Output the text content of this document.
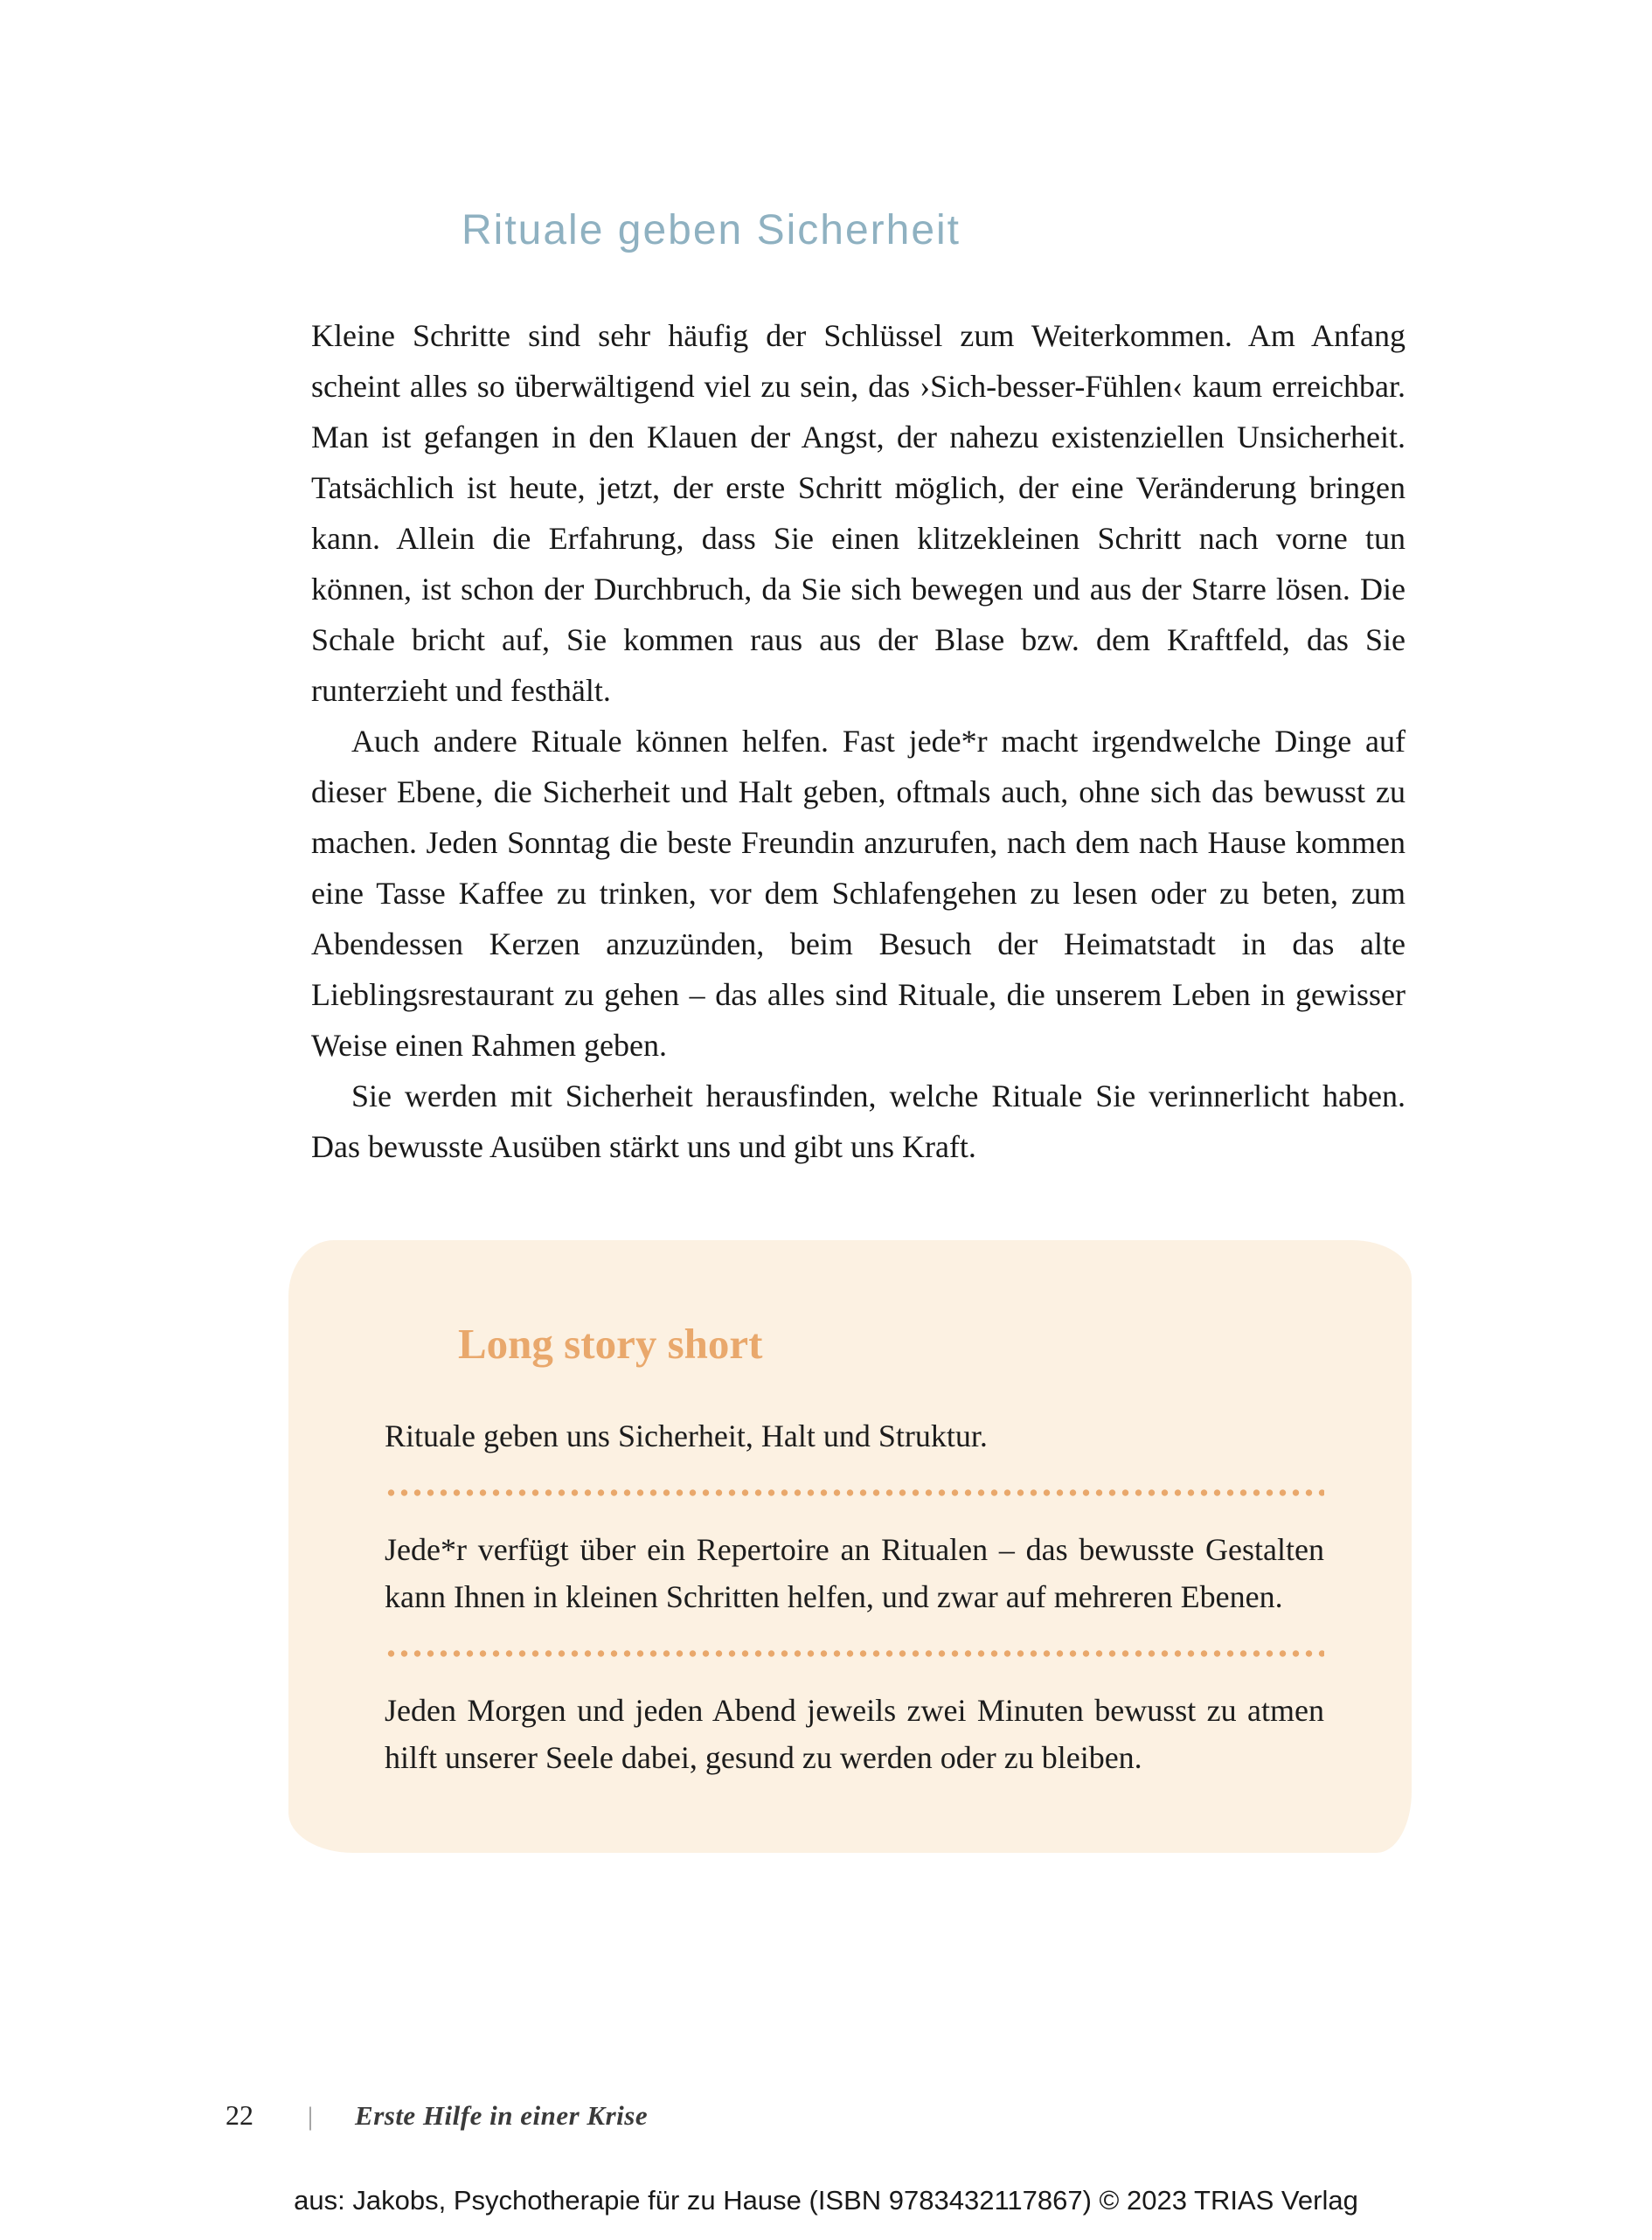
Rituale geben Sicherheit

Kleine Schritte sind sehr häufig der Schlüssel zum Weiterkommen. Am Anfang scheint alles so überwältigend viel zu sein, das ›Sich-besser-Fühlen‹ kaum erreichbar. Man ist gefangen in den Klauen der Angst, der nahezu existenziellen Unsicherheit. Tatsächlich ist heute, jetzt, der erste Schritt möglich, der eine Veränderung bringen kann. Allein die Erfahrung, dass Sie einen klitzekleinen Schritt nach vorne tun können, ist schon der Durchbruch, da Sie sich bewegen und aus der Starre lösen. Die Schale bricht auf, Sie kommen raus aus der Blase bzw. dem Kraftfeld, das Sie runterzieht und festhält.

Auch andere Rituale können helfen. Fast jede*r macht irgendwelche Dinge auf dieser Ebene, die Sicherheit und Halt geben, oftmals auch, ohne sich das bewusst zu machen. Jeden Sonntag die beste Freundin anzurufen, nach dem nach Hause kommen eine Tasse Kaffee zu trinken, vor dem Schlafengehen zu lesen oder zu beten, zum Abendessen Kerzen anzuzünden, beim Besuch der Heimatstadt in das alte Lieblingsrestaurant zu gehen – das alles sind Rituale, die unserem Leben in gewisser Weise einen Rahmen geben.

Sie werden mit Sicherheit herausfinden, welche Rituale Sie verinnerlicht haben. Das bewusste Ausüben stärkt uns und gibt uns Kraft.

Long story short

Rituale geben uns Sicherheit, Halt und Struktur.

Jede*r verfügt über ein Repertoire an Ritualen – das bewusste Gestalten kann Ihnen in kleinen Schritten helfen, und zwar auf mehreren Ebenen.

Jeden Morgen und jeden Abend jeweils zwei Minuten bewusst zu atmen hilft unserer Seele dabei, gesund zu werden oder zu bleiben.

22 | Erste Hilfe in einer Krise
aus: Jakobs, Psychotherapie für zu Hause (ISBN 9783432117867) © 2023 TRIAS Verlag
